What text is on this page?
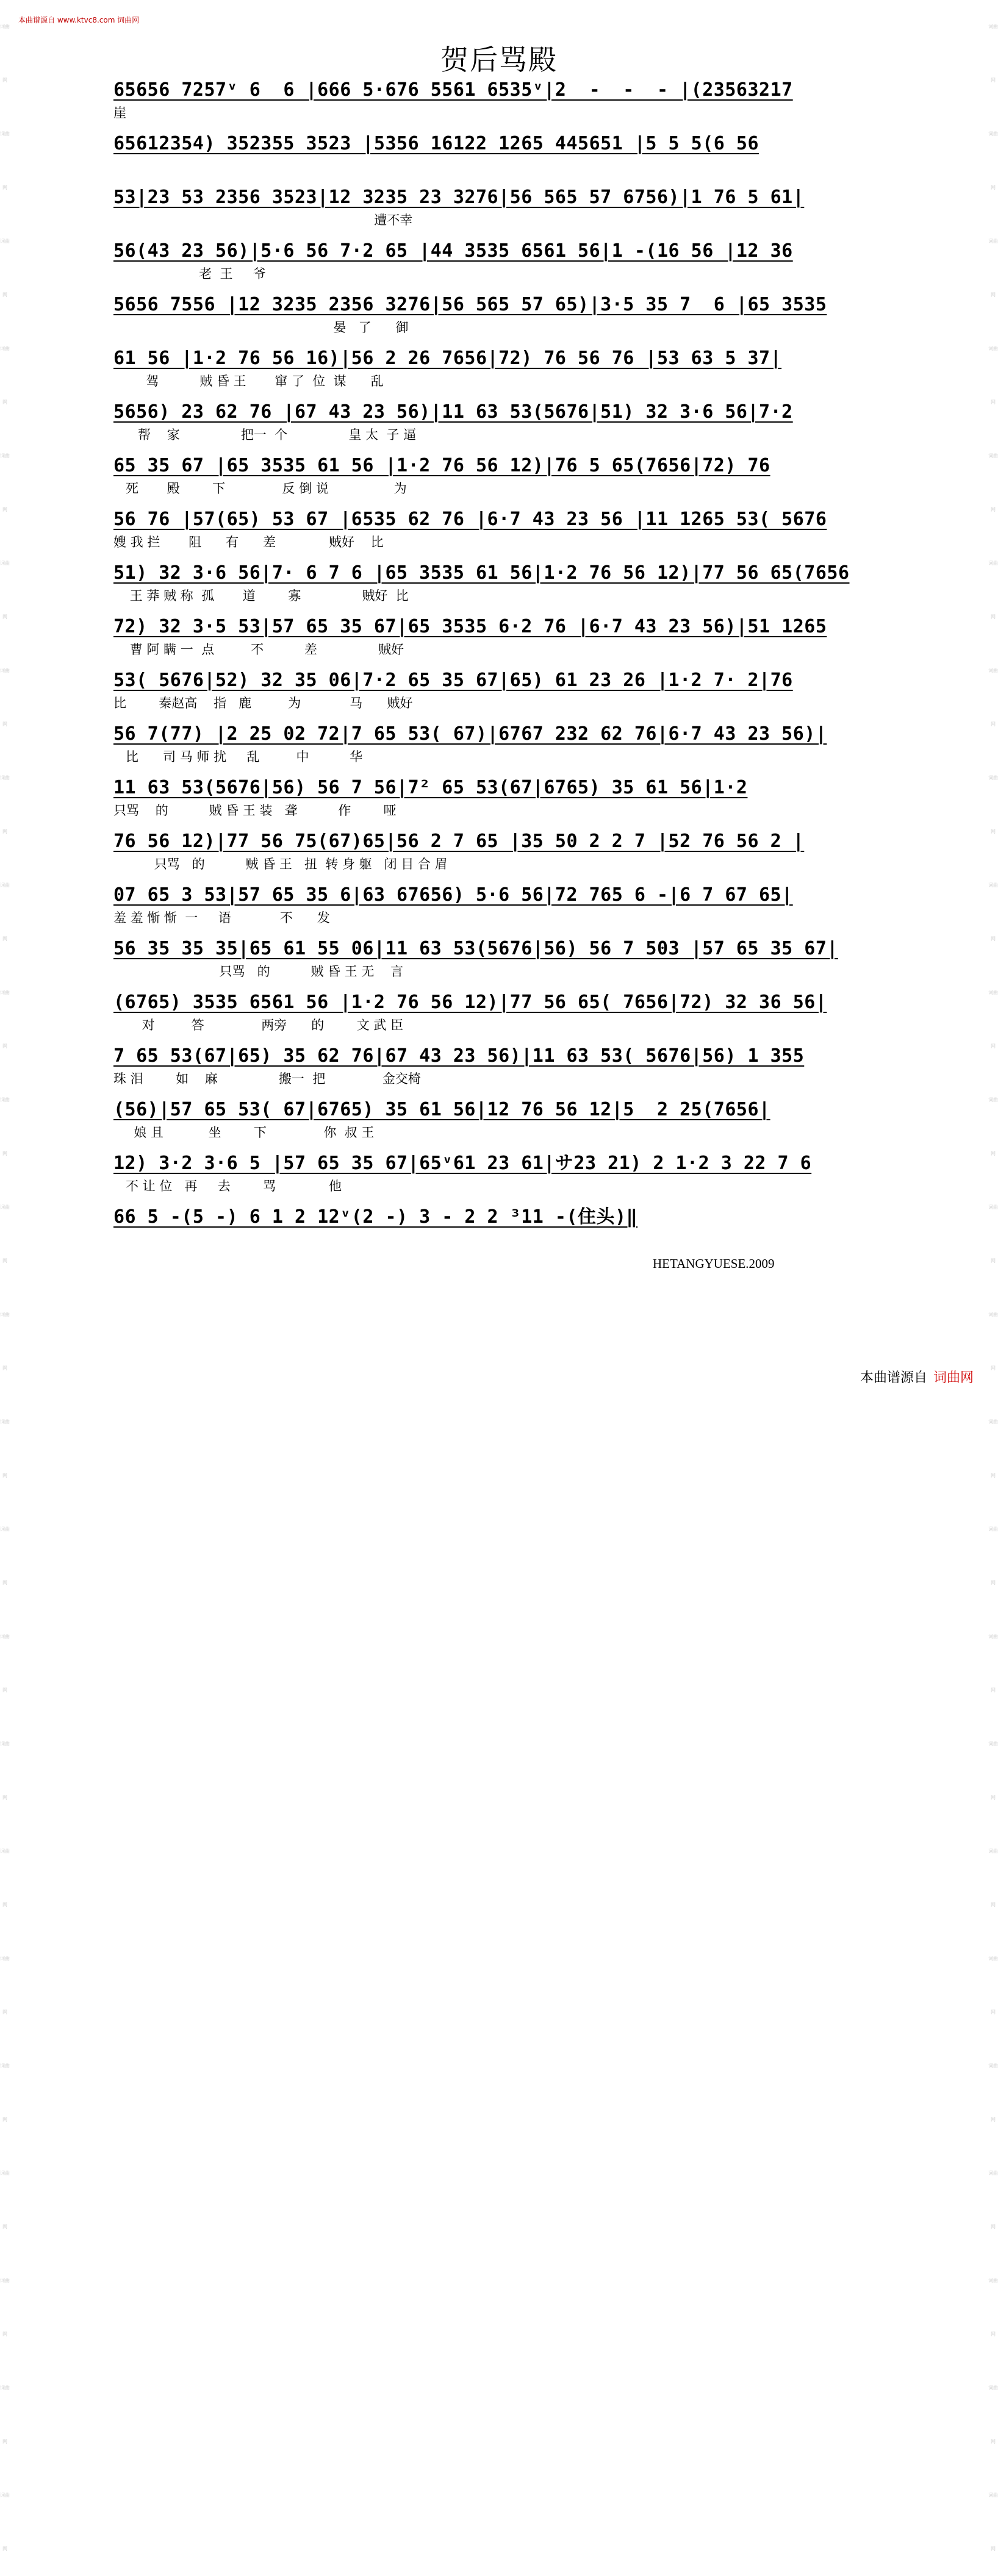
词曲网 词曲网 词曲网 词曲网 词曲网 词曲网 词曲网 词曲网 词曲网 词曲网 词曲网 词曲网 词曲网 词曲网 词曲网 词曲网 词曲网 词曲网 词曲网 词曲网 词曲网 词曲网 词曲网 词曲网
词曲网 词曲网 词曲网 词曲网 词曲网 词曲网 词曲网 词曲网 词曲网 词曲网 词曲网 词曲网 词曲网 词曲网 词曲网 词曲网 词曲网 词曲网 词曲网 词曲网 词曲网 词曲网 词曲网 词曲网
本曲谱源自 www.ktvc8.com 词曲网
贺后骂殿
65656 7257ᵛ 6  6 |666 5·676 5561 6535ᵛ|2  -  -  - |(23563217
崖
65612354) 352355 3523 |5356 16122 1265 445651 |5 5 5(6 56
53|23 53 2356 3523|12 3235 23 3276|56 565 57 6756)|1 76 5 61|
遭不幸
56(43 23 56)|5·6 56 7·2 65 |44 3535 6561 56|1 -(16 56 |12 36
老  王     爷
5656 7556 |12 3235 2356 3276|56 565 57 65)|3·5 35 7  6 |65 3535
晏   了      御
61 56 |1·2 76 56 16)|56 2 26 7656|72) 76 56 76 |53 63 5 37|
驾          贼 昏 王       窜 了  位  谋      乱
5656) 23 62 76 |67 43 23 56)|11 63 53(5676|51) 32 3·6 56|7·2
帮    家               把一  个               皇 太  子 逼
65 35 67 |65 3535 61 56 |1·2 76 56 12)|76 5 65(7656|72) 76
死       殿        下              反 倒 说                为
56 76 |57(65) 53 67 |6535 62 76 |6·7 43 23 56 |11 1265 53( 5676
嫂 我 拦       阻      有      差             贼好    比
51) 32 3·6 56|7· 6 7 6 |65 3535 61 56|1·2 76 56 12)|77 56 65(7656
王 莽 贼 称  孤       道        寡               贼好  比
72) 32 3·5 53|57 65 35 67|65 3535 6·2 76 |6·7 43 23 56)|51 1265
曹 阿 瞒 一  点         不          差               贼好
53( 5676|52) 32 35 06|7·2 65 35 67|65) 61 23 26 |1·2 7· 2|76
比        秦赵高    指   鹿         为            马      贼好
56 7(77) |2 25 02 72|7 65 53( 67)|6767 232 62 76|6·7 43 23 56)|
比      司 马 师 扰     乱         中          华
11 63 53(5676|56) 56 7 56|7² 65 53(67|6765) 35 61 56|1·2
只骂    的          贼 昏 王 装   聋          作        哑
76 56 12)|77 56 75(67)65|56 2 7 65 |35 50 2 2 7 |52 76 56 2 |
只骂   的          贼 昏 王   扭  转 身 躯   闭 目 合 眉
07 65 3 53|57 65 35 6|63 67656) 5·6 56|72 765 6 -|6 7 67 65|
羞 羞 惭 惭  一     语            不      发
56 35 35 35|65 61 55 06|11 63 53(5676|56) 56 7 503 |57 65 35 67|
只骂   的          贼 昏 王 无    言
(6765) 3535 6561 56 |1·2 76 56 12)|77 56 65( 7656|72) 32 36 56|
对         答              两旁      的        文 武 臣
7 65 53(67|65) 35 62 76|67 43 23 56)|11 63 53( 5676|56) 1 355
珠 泪        如    麻               搬一  把              金交椅
(56)|57 65 53( 67|6765) 35 61 56|12 76 56 12|5  2 25(7656|
娘 且           坐        下              你  叔 王
12) 3·2 3·6 5 |57 65 35 67|65ᵛ61 23 61|サ23 21) 2 1·2 3 22 7 6
不 让 位   再     去        骂             他
66 5 -(5 -) 6 1 2 12ᵛ(2 -) 3 - 2 2 ³11 -(住头)‖
HETANGYUESE.2009
本曲谱源自 词曲网
